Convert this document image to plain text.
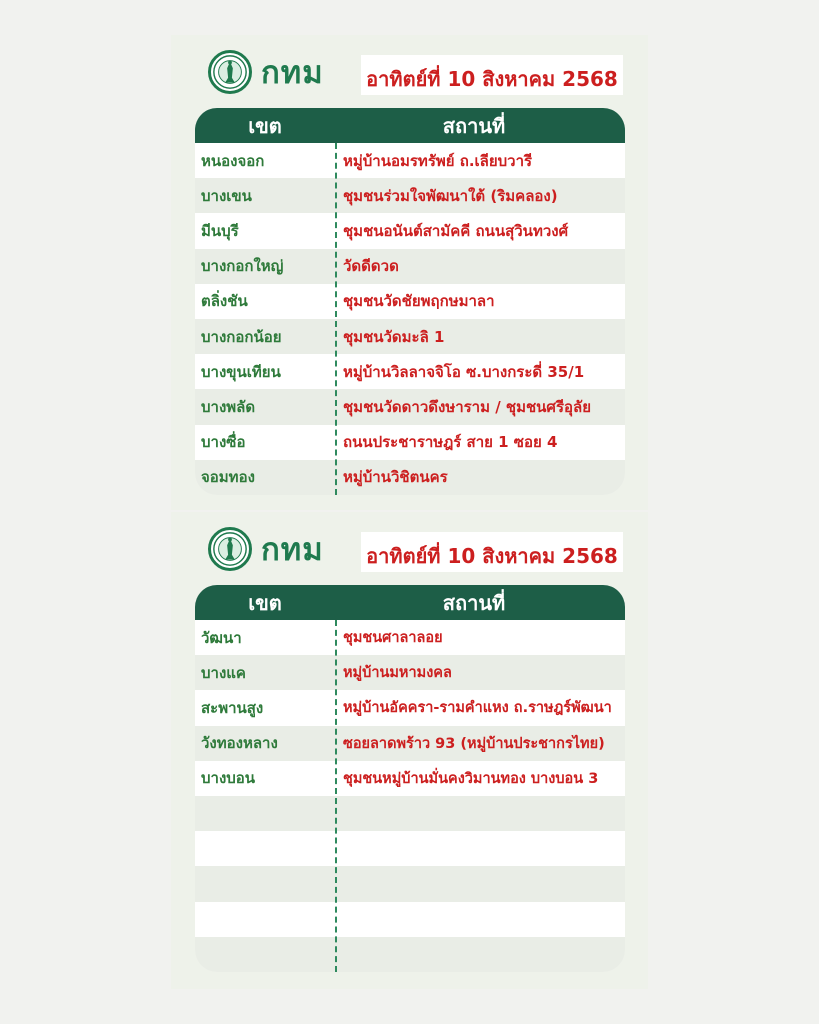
กทม อาทิตย์ที่ 10 สิงหาคม 2568
เขต	สถานที่
หนองจอก	หมู่บ้านอมรทรัพย์ ถ.เลียบวารี
บางเขน	ชุมชนร่วมใจพัฒนาใต้ (ริมคลอง)
มีนบุรี	ชุมชนอนันต์สามัคคี ถนนสุวินทวงศ์
บางกอกใหญ่	วัดดีดวด
ตลิ่งชัน	ชุมชนวัดชัยพฤกษมาลา
บางกอกน้อย	ชุมชนวัดมะลิ 1
บางขุนเทียน	หมู่บ้านวิลลาจจิโอ ซ.บางกระดี่ 35/1
บางพลัด	ชุมชนวัดดาวดึงษาราม / ชุมชนศรีอุลัย
บางซื่อ	ถนนประชาราษฎร์ สาย 1 ซอย 4
จอมทอง	หมู่บ้านวิชิตนคร
กทม อาทิตย์ที่ 10 สิงหาคม 2568
เขต	สถานที่
วัฒนา	ชุมชนศาลาลอย
บางแค	หมู่บ้านมหามงคล
สะพานสูง	หมู่บ้านอัคครา-รามคำแหง ถ.ราษฎร์พัฒนา
วังทองหลาง	ซอยลาดพร้าว 93 (หมู่บ้านประชากรไทย)
บางบอน	ชุมชนหมู่บ้านมั่นคงวิมานทอง บางบอน 3
